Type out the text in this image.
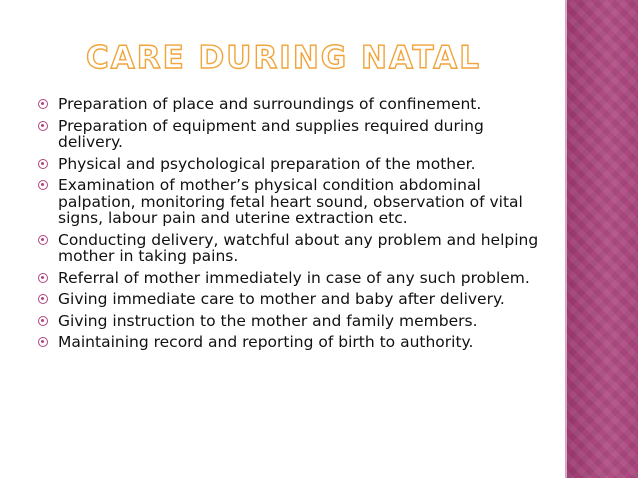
CARE DURING NATAL
Preparation of place and surroundings of confinement.
Preparation of equipment and supplies required during delivery.
Physical and psychological preparation of the mother.
Examination of mother’s physical condition abdominal palpation, monitoring fetal heart sound, observation of vital signs, labour pain and uterine extraction etc.
Conducting delivery, watchful about any problem and helping mother in taking pains.
Referral of mother immediately in case of any such problem.
Giving immediate care to mother and baby after delivery.
Giving instruction to the mother and family members.
Maintaining record and reporting of birth to authority.
